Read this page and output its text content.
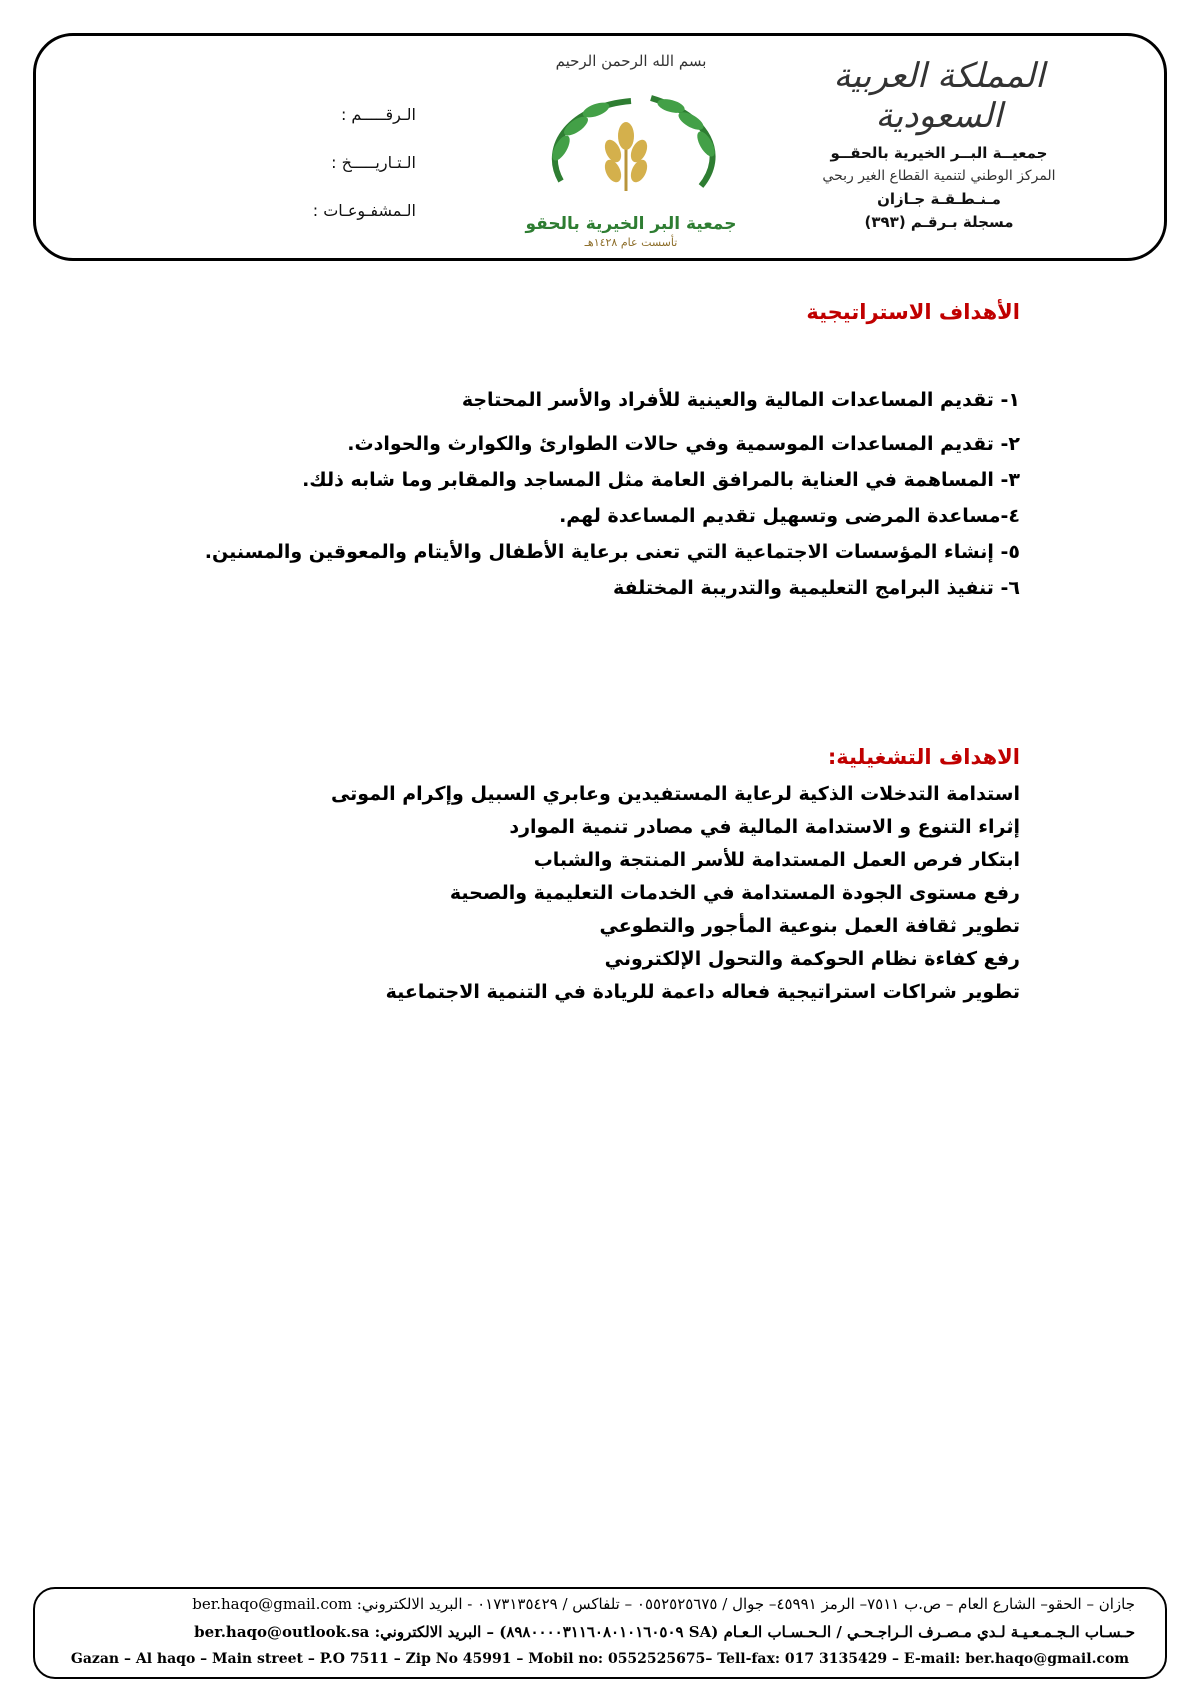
المملكة العربية السعودية
جمعيــة البــر الخيرية بالحقــو
المركز الوطني لتنمية القطاع الغير ربحي
مـنـطـقـة جـازان
مسجلة بـرقـم (٣٩٣)
بسم الله الرحمن الرحيم
جمعية البر الخيرية بالحقو
تأسست عام ١٤٢٨هـ
الـرقـــــم :
الـتـاريـــــخ :
الـمشفـوعـات :
الأهداف الاستراتيجية
١- تقديم المساعدات المالية والعينية للأفراد والأسر المحتاجة
٢- تقديم المساعدات الموسمية وفي حالات الطوارئ والكوارث والحوادث.
٣- المساهمة في العناية بالمرافق العامة مثل المساجد والمقابر وما شابه ذلك.
٤-مساعدة المرضى وتسهيل تقديم المساعدة لهم.
٥- إنشاء المؤسسات الاجتماعية التي تعنى برعاية الأطفال والأيتام والمعوقين والمسنين.
٦- تنفيذ البرامج التعليمية والتدريبة المختلفة
الاهداف التشغيلية:
استدامة التدخلات الذكية لرعاية المستفيدين وعابري السبيل وإكرام الموتى
إثراء التنوع و الاستدامة المالية في مصادر تنمية الموارد
ابتكار فرص العمل المستدامة للأسر المنتجة والشباب
رفع مستوى الجودة المستدامة في الخدمات التعليمية والصحية
تطوير ثقافة العمل بنوعية المأجور والتطوعي
رفع كفاءة نظام الحوكمة والتحول الإلكتروني
تطوير شراكات استراتيجية فعاله داعمة للريادة في التنمية الاجتماعية
جازان – الحقو– الشارع العام – ص.ب ٧٥١١– الرمز ٤٥٩٩١– جوال / ٠٥٥٢٥٢٥٦٧٥ – تلفاكس / ٠١٧٣١٣٥٤٢٩ - البريد الالكتروني: ber.haqo@gmail.com
حـسـاب الـجـمـعـيـة لـدي مـصـرف الـراجـحـي / الـحـسـاب الـعـام (SA ٨٩٨٠٠٠٠٣١١٦٠٨٠١٠١٦٠٥٠٩) – البريد الالكتروني: ber.haqo@outlook.sa
Gazan – Al haqo – Main street – P.O 7511 – Zip No 45991 – Mobil no: 0552525675– Tell-fax: 017 3135429 – E-mail: ber.haqo@gmail.com
